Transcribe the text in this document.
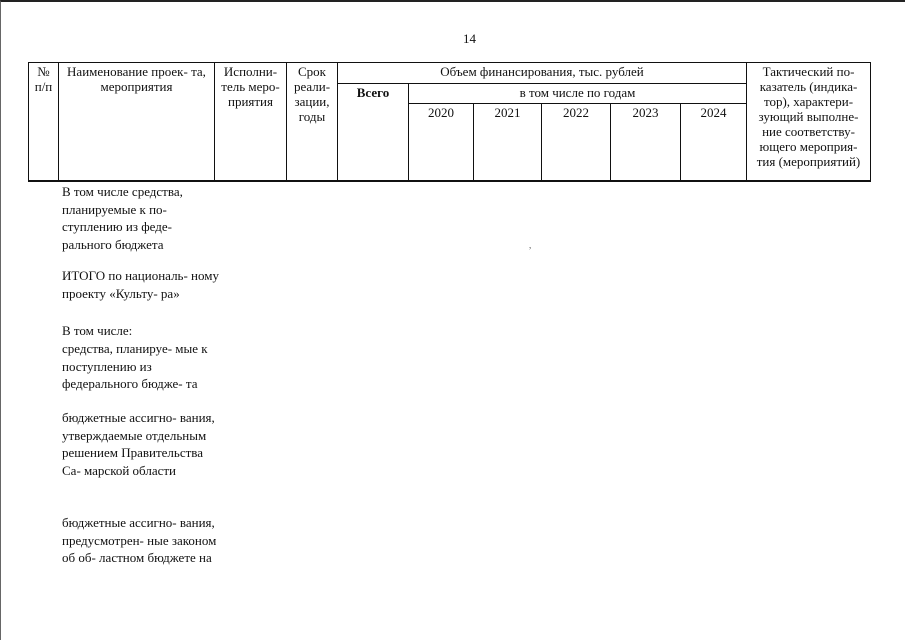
14
№ п/п	Наименование проек- та, мероприятия	Исполни- тель меро- приятия	Срок реали- зации, годы	Объем финансирования, тыс. рублей						Тактический по- казатель (индика- тор), характери- зующий выполне- ние соответству- ющего мероприя- тия (мероприятий)
				Всего	в том числе по годам					
					2020	2021	2022	2023	2024	
В том числе средства, планируемые к по- ступлению из феде- рального бюджета
ИТОГО по националь- ному проекту «Культу- ра»
В том числе:
средства, планируе- мые к поступлению из федерального бюдже- та
бюджетные ассигно- вания, утверждаемые отдельным решением Правительства Са- марской области
бюджетные ассигно- вания, предусмотрен- ные законом об об- ластном бюджете на
,
